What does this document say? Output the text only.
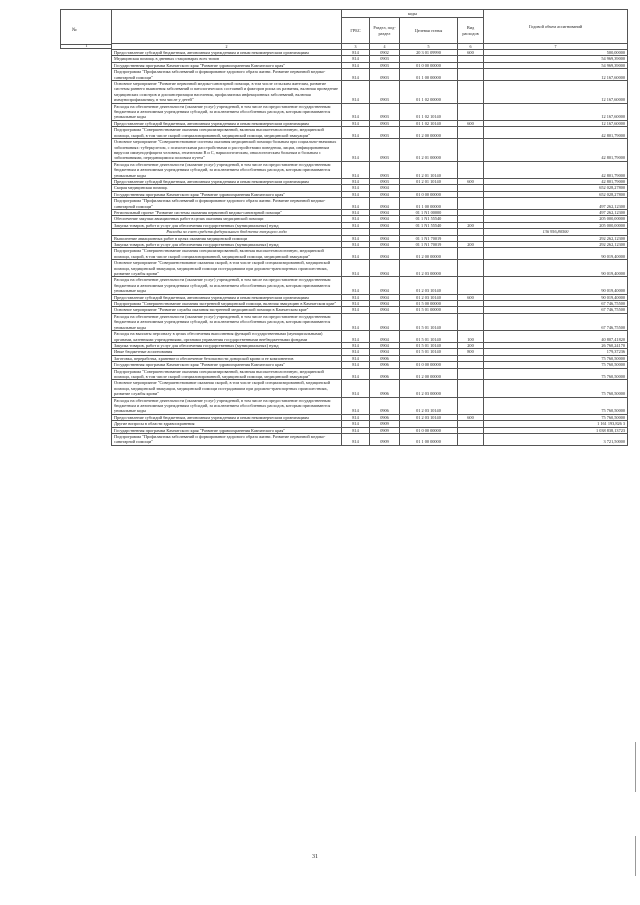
№
1
	коды				Годовой объем ассигнований
	ГРБС	Раздел, под-раздел	Целевая статья	Вид расходов	
2	3	4	5	6	7
Предоставление субсидий бюджетным, автономным учреждениям и иным некоммерческим организациям	814	0902	20 3 01 09990	600	500,00000
Медицинская помощь в дневных стационарах всех типов	814	0903			54 969,39000
Государственная программа Камчатского края "Развитие здравоохранения Камчатского края"	814	0903	01 0 00 00000		54 969,39000
Подпрограмма "Профилактика заболеваний и формирование здорового образа жизни. Развитие первичной медико-санитарной помощи"	814	0903	01 1 00 00000		12 167,60000
Основное мероприятие "Развитие первичной медико-санитарной помощи, в том числе сельским жителям, развитие системы раннего выявления заболеваний и патологических состояний и факторов риска их развития, включая проведение медицинских осмотров и диспансеризации населения, профилактика инфекционных заболеваний, включая иммунопрофилактику, в том числе у детей"	814	0903	01 1 02 00000		12 167,60000
Расходы на обеспечение деятельности (оказание услуг) учреждений, в том числе на предоставление государственным бюджетным и автономным учреждениям субсидий, за исключением обособленных расходов, которым присваиваются уникальные коды	814	0903	01 1 02 10140		12 167,60000
Предоставление субсидий бюджетным, автономным учреждениям и иным некоммерческим организациям	814	0903	01 1 02 10140	600	12 167,60000
Подпрограмма "Совершенствование оказания специализированной, включая высокотехнологичную, медицинской помощи, скорой, в том числе скорой специализированной, медицинской помощи, медицинской эвакуации"	814	0903	01 2 00 00000		42 801,79000
Основное мероприятие "Совершенствование системы оказания медицинской помощи больным при социально-значимых заболеваниях: туберкулезом, с психическими расстройствами и расстройствами поведения, лицам, инфицированным вирусом иммунодефицита человека, гепатитами В и С, наркологическим, онкологическим больным и больным с заболеваниями, передающимися половым путем"	814	0903	01 2 01 00000		42 801,79000
Расходы на обеспечение деятельности (оказание услуг) учреждений, в том числе на предоставление государственным бюджетным и автономным учреждениям субсидий, за исключением обособленных расходов, которым присваиваются уникальные коды	814	0903	01 2 01 10140		42 801,79000
Предоставление субсидий бюджетным, автономным учреждениям и иным некоммерческим организациям	814	0903	01 2 01 10140	600	42 801,79000
Скорая медицинская помощь	814	0904			652 028,27800
Государственная программа Камчатского края "Развитие здравоохранения Камчатского края"	814	0904	01 0 00 00000		652 028,27800
Подпрограмма "Профилактика заболеваний и формирование здорового образа жизни. Развитие первичной медико-санитарной помощи"	814	0904	01 1 00 00000		497 262,12300
Региональный проект "Развитие системы оказания первичной медико-санитарной помощи"	814	0904	01 1 N1 00000		497 262,12300
Обеспечение закупки авиационных работ в целях оказания медицинской помощи	814	0904	01 1 N1 55540		205 000,00000
Закупка товаров, работ и услуг для обеспечения государственных (муниципальных) нужд	814	0904	01 1 N1 55540	200	205 000,00000
Расходы за счет средств федерального бюджета текущего года					136 956,80500
Выполнение авиационных работ в целях оказания медицинской помощи	814	0904	01 1 N1 70019		292 262,12300
Закупка товаров, работ и услуг для обеспечения государственных (муниципальных) нужд	814	0904	01 1 N1 70019	200	292 262,12300
Подпрограмма "Совершенствование оказания специализированной, включая высокотехнологичную, медицинской помощи, скорой, в том числе скорой специализированной, медицинской помощи, медицинской эвакуации"	814	0904	01 2 00 00000		90 019,40000
Основное мероприятие "Совершенствование оказания скорой, в том числе скорой специализированной, медицинской помощи, медицинской эвакуации, медицинской помощи пострадавшим при дорожно-транспортных происшествиях, развитие службы крови"	814	0904	01 2 03 00000		90 019,40000
Расходы на обеспечение деятельности (оказание услуг) учреждений, в том числе на предоставление государственным бюджетным и автономным учреждениям субсидий, за исключением обособленных расходов, которым присваиваются уникальные коды	814	0904	01 2 03 10140		90 019,40000
Предоставление субсидий бюджетным, автономным учреждениям и иным некоммерческим организациям	814	0904	01 2 03 10140	600	90 019,40000
Подпрограмма "Совершенствование оказания экстренной медицинской помощи, включая эвакуацию в Камчатском крае"	814	0904	01 5 00 00000		67 746,75500
Основное мероприятие "Развитие службы оказания экстренной медицинской помощи в Камчатском крае"	814	0904	01 5 01 00000		67 746,75500
Расходы на обеспечение деятельности (оказание услуг) учреждений, в том числе на предоставление государственным бюджетным и автономным учреждениям субсидий, за исключением обособленных расходов, которым присваиваются уникальные коды	814	0904	01 5 01 10140		67 746,75500
Расходы на выплаты персоналу в целях обеспечения выполнения функций государственными (муниципальными) органами, казенными учреждениями, органами управления государственными внебюджетными фондами	814	0904	01 5 01 10140	100	40 807,41820
Закупка товаров, работ и услуг для обеспечения государственных (муниципальных) нужд	814	0904	01 5 01 10140	200	26 760,24170
Иные бюджетные ассигнования	814	0904	01 5 01 10140	800	179,37236
Заготовка, переработка, хранение и обеспечение безопасности донорской крови и ее компонентов	814	0906			75 760,50000
Государственная программа Камчатского края "Развитие здравоохранения Камчатского края"	814	0906	01 0 00 00000		75 760,50000
Подпрограмма "Совершенствование оказания специализированной, включая высокотехнологичную, медицинской помощи, скорой, в том числе скорой специализированной, медицинской помощи, медицинской эвакуации"	814	0906	01 2 00 00000		75 760,50000
Основное мероприятие "Совершенствование оказания скорой, в том числе скорой специализированной, медицинской помощи, медицинской эвакуации, медицинской помощи пострадавшим при дорожно-транспортных происшествиях, развитие службы крови"	814	0906	01 2 03 00000		75 760,50000
Расходы на обеспечение деятельности (оказание услуг) учреждений, в том числе на предоставление государственным бюджетным и автономным учреждениям субсидий, за исключением обособленных расходов, которым присваиваются уникальные коды	814	0906	01 2 03 10140		75 760,50000
Предоставление субсидий бюджетным, автономным учреждениям и иным некоммерческим организациям	814	0906	01 2 03 10140	600	75 760,50000
Другие вопросы в области здравоохранения	814	0909			1 161 193,826 3
Государственная программа Камчатского края "Развитие здравоохранения Камчатского края"	814	0909	01 0 00 00000		1 038 838,13723
Подпрограмма "Профилактика заболеваний и формирование здорового образа жизни. Развитие первичной медико-санитарной помощи"	814	0909	01 1 00 00000		3 721,50000
31
